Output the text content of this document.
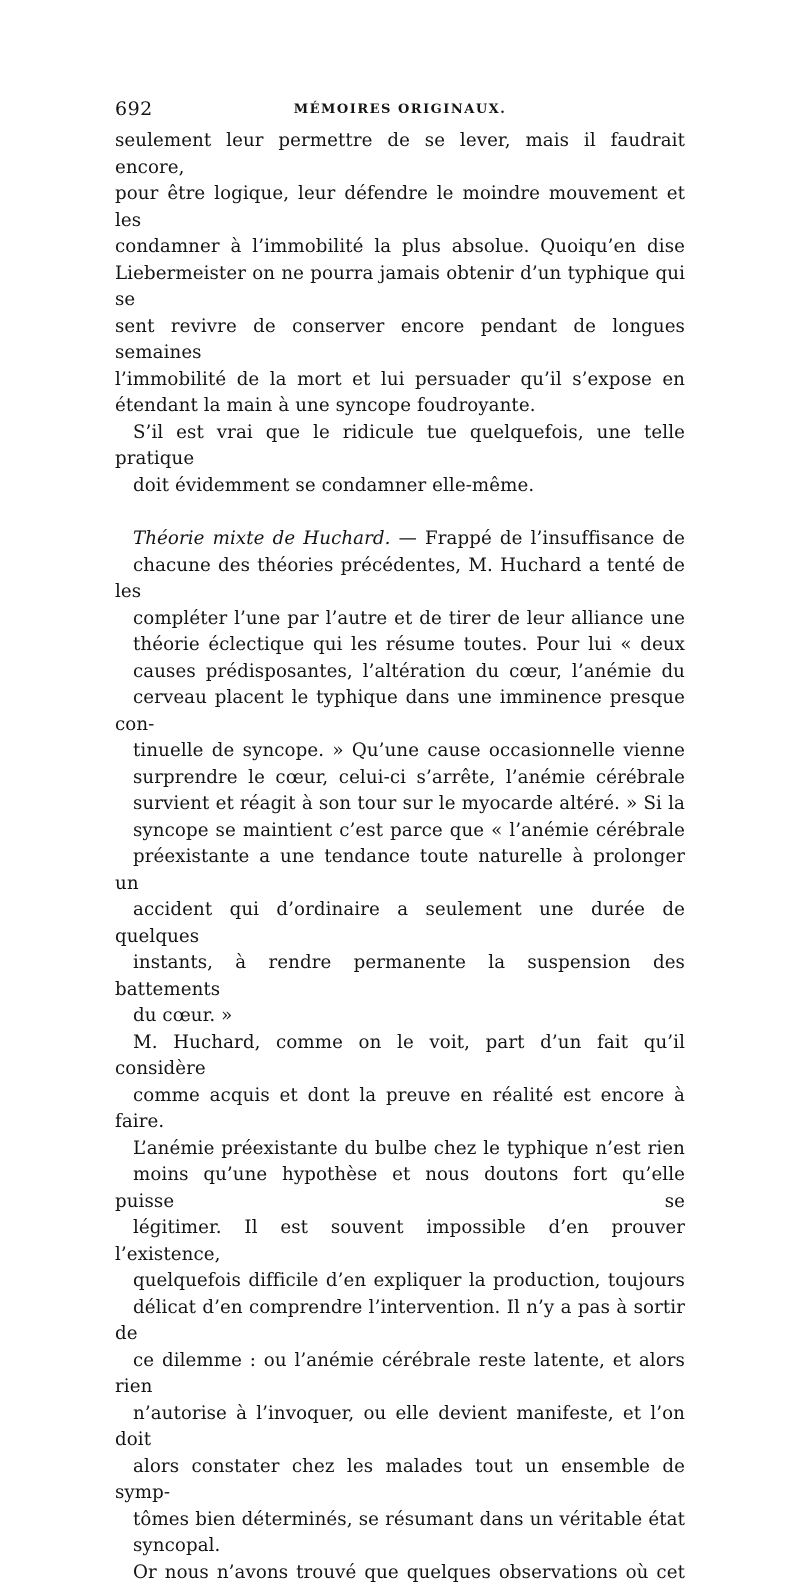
692	MÉMOIRES ORIGINAUX.

seulement leur permettre de se lever, mais il faudrait encore,
pour être logique, leur défendre le moindre mouvement et les
condamner à l’immobilité la plus absolue. Quoiqu’en dise
Liebermeister on ne pourra jamais obtenir d’un typhique qui se
sent revivre de conserver encore pendant de longues semaines
l’immobilité de la mort et lui persuader qu’il s’expose en
étendant la main à une syncope foudroyante.

S’il est vrai que le ridicule tue quelquefois, une telle pratique
doit évidemment se condamner elle-même.

Théorie mixte de Huchard. — Frappé de l’insuffisance de
chacune des théories précédentes, M. Huchard a tenté de les
compléter l’une par l’autre et de tirer de leur alliance une
théorie éclectique qui les résume toutes. Pour lui « deux
causes prédisposantes, l’altération du cœur, l’anémie du
cerveau placent le typhique dans une imminence presque con-
tinuelle de syncope. » Qu’une cause occasionnelle vienne
surprendre le cœur, celui-ci s’arrête, l’anémie cérébrale
survient et réagit à son tour sur le myocarde altéré. » Si la
syncope se maintient c’est parce que « l’anémie cérébrale
préexistante a une tendance toute naturelle à prolonger un
accident qui d’ordinaire a seulement une durée de quelques
instants, à rendre permanente la suspension des battements
du cœur. »

M. Huchard, comme on le voit, part d’un fait qu’il considère
comme acquis et dont la preuve en réalité est encore à faire.
L’anémie préexistante du bulbe chez le typhique n’est rien
moins qu’une hypothèse et nous doutons fort qu’elle puisse se
légitimer. Il est souvent impossible d’en prouver l’existence,
quelquefois difficile d’en expliquer la production, toujours
délicat d’en comprendre l’intervention. Il n’y a pas à sortir de
ce dilemme : ou l’anémie cérébrale reste latente, et alors rien
n’autorise à l’invoquer, ou elle devient manifeste, et l’on doit
alors constater chez les malades tout un ensemble de symp-
tômes bien déterminés, se résumant dans un véritable état
syncopal.

Or nous n’avons trouvé que quelques observations où cet
